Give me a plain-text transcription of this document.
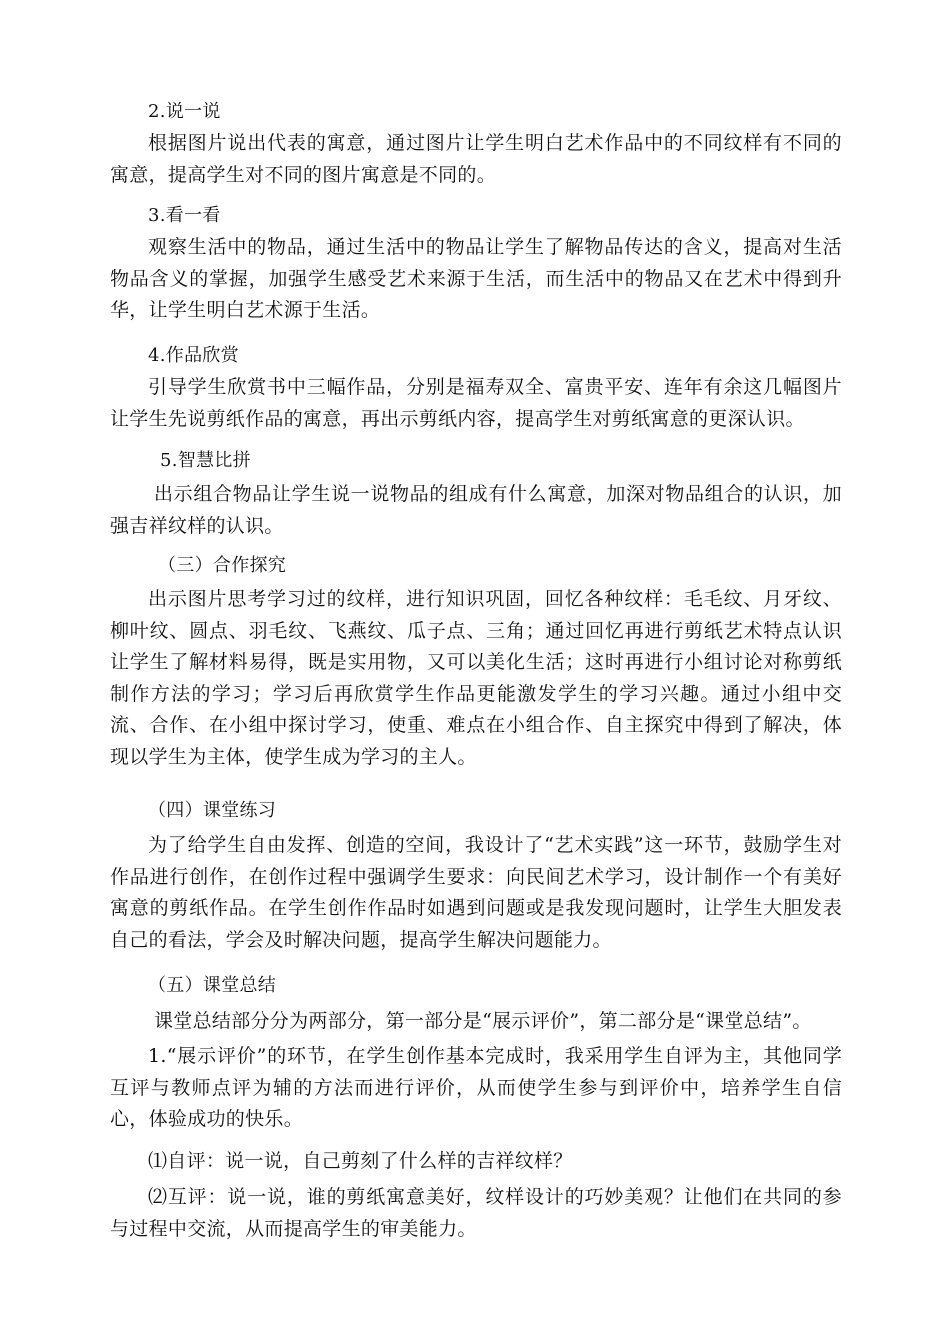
2.说一说
根据图片说出代表的寓意，通过图片让学生明白艺术作品中的不同纹样有不同的寓意，提高学生对不同的图片寓意是不同的。
3.看一看
观察生活中的物品，通过生活中的物品让学生了解物品传达的含义，提高对生活物品含义的掌握，加强学生感受艺术来源于生活，而生活中的物品又在艺术中得到升华，让学生明白艺术源于生活。
4.作品欣赏
引导学生欣赏书中三幅作品，分别是福寿双全、富贵平安、连年有余这几幅图片让学生先说剪纸作品的寓意，再出示剪纸内容，提高学生对剪纸寓意的更深认识。
5.智慧比拼
出示组合物品让学生说一说物品的组成有什么寓意，加深对物品组合的认识，加强吉祥纹样的认识。
（三）合作探究
出示图片思考学习过的纹样，进行知识巩固，回忆各种纹样：毛毛纹、月牙纹、柳叶纹、圆点、羽毛纹、飞燕纹、瓜子点、三角；通过回忆再进行剪纸艺术特点认识让学生了解材料易得，既是实用物，又可以美化生活；这时再进行小组讨论对称剪纸制作方法的学习；学习后再欣赏学生作品更能激发学生的学习兴趣。通过小组中交流、合作、在小组中探讨学习，使重、难点在小组合作、自主探究中得到了解决，体现以学生为主体，使学生成为学习的主人。
（四）课堂练习
为了给学生自由发挥、创造的空间，我设计了“艺术实践”这一环节，鼓励学生对作品进行创作，在创作过程中强调学生要求：向民间艺术学习，设计制作一个有美好寓意的剪纸作品。在学生创作作品时如遇到问题或是我发现问题时，让学生大胆发表自己的看法，学会及时解决问题，提高学生解决问题能力。
（五）课堂总结
课堂总结部分分为两部分，第一部分是“展示评价”，第二部分是“课堂总结”。
1.“展示评价”的环节，在学生创作基本完成时，我采用学生自评为主，其他同学互评与教师点评为辅的方法而进行评价，从而使学生参与到评价中，培养学生自信心，体验成功的快乐。
⑴自评：说一说，自己剪刻了什么样的吉祥纹样？
⑵互评：说一说，谁的剪纸寓意美好，纹样设计的巧妙美观？让他们在共同的参与过程中交流，从而提高学生的审美能力。
